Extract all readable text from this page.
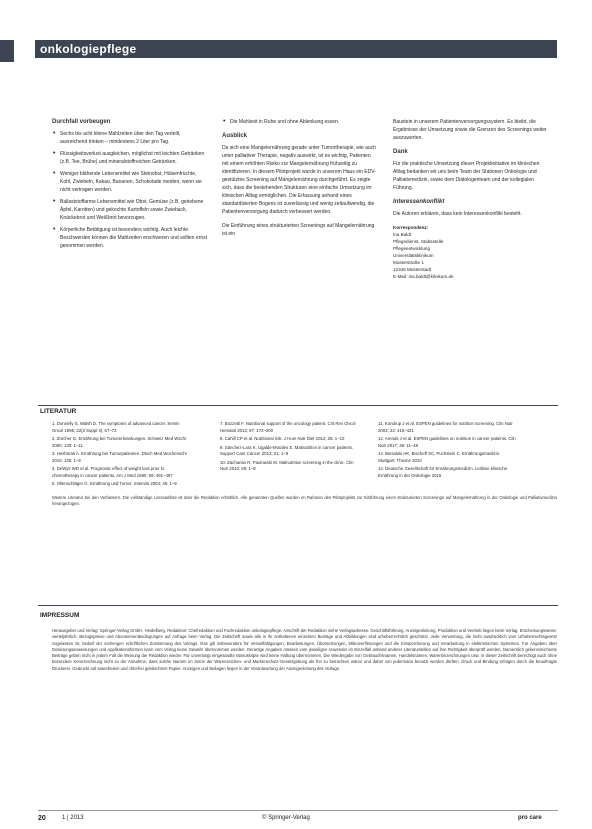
onkologiepflege
Durchfall vorbeugen
• Sechs bis acht kleine Mahlzeiten über den Tag verteilt, ausreichend trinken – mindestens 2 Liter pro Tag.
• Flüssigkeitsverlust ausgleichen, möglichst mit leichten Getränken (z.B. Tee, Brühe) und mineralstoffreichen Getränken.
• Weniger blähende Lebensmittel wie Steinobst, Hülsenfrüchte, Kohl, Zwiebeln, Kakao, Bananen, Schokolade meiden, wenn sie nicht vertragen werden.
• Ballaststoffarme Lebensmittel wie Obst, Gemüse (z.B. geriebene Äpfel, Karotten) und gekochte Kartoffeln sowie Zwieback, Knäckebrot und Weißbrot bevorzugen.
• Körperliche Betätigung ist besonders wichtig. Auch leichte Beschwerden können die Mahlzeiten erschweren und sollten ernst genommen werden.
• Die Mahlzeit in Ruhe und ohne Ablenkung essen.
Ausblick

Da sich eine Mangelernährung gerade unter Tumortherapie, wie auch unter palliativer Therapie, negativ auswirkt, ist es wichtig, Patienten mit einem erhöhten Risiko zur Mangelernährung frühzeitig zu identifizieren. In diesem Pilotprojekt wurde in unserem Haus ein EDV-gestütztes Screening auf Mangelernährung durchgeführt. Es zeigte sich, dass die bestehenden Strukturen eine einfache Umsetzung im klinischen Alltag ermöglichen. Die Erfassung anhand eines standardisierten Bogens ist zuverlässig und wenig zeitaufwendig, die Patientenversorgung dadurch verbessert werden.

Die Einführung eines strukturierten Screenings auf Mangelernährung ist ein

Baustein in unserem Patientenversorgungssystem. Es bleibt, die Ergebnisse der Umsetzung sowie die Grenzen des Screenings weiter auszuwerten.

Dank

Für die praktische Umsetzung dieser Projektinitiative im klinischen Alltag bedanken wir uns beim Team der Stationen Onkologie und Palliativmedizin, sowie dem Diätologenteam und der kollegialen Führung.

Interessenkonflikt

Die Autoren erklären, dass kein Interessenkonflikt besteht.

Korrespondenz:
Ina Baldt
Pflegedienst, Stabsstelle
Pflegeentwicklung
Universitätsklinikum
Musterstraße 1
12345 Musterstadt
E-Mail: ina.baldt@klinikum.de
LITERATUR
1. Donnelly S, Walsh D. The symptoms of advanced cancer. Semin Oncol 1995; 22(2 Suppl 3): 67–72
2. Zürcher G. Ernährung bei Tumorerkrankungen. Schweiz Med Wschr 2000; 130: 1–11
3. Heshmati A. Ernährung bei Tumorpatienten. Dtsch Med Wochenschr 2010; 135: 1–9
4. DeWys WD et al. Prognostic effect of weight loss prior to chemotherapy in cancer patients. Am J Med 1980; 69: 491–497
5. Ollenschläger G. Ernährung und Tumor. Internist 2004; 45: 1–9
7. Bozzetti F. Nutritional support of the oncology patient. Crit Rev Oncol Hematol 2013; 87: 172–200
8. Cahill CP et al. Nutritional risk. J Hum Nutr Diet 2012; 25: 1–10
9. Sánchez-Lara K, Ugalde-Morales E. Malnutrition in cancer patients. Support Care Cancer 2013; 21: 1–9
10. Zacharias R, Paulowski M. Malnutrition screening in the clinic. Clin Nutr 2010; 29: 1–8
11. Kondrup J et al. ESPEN guidelines for nutrition screening. Clin Nutr 2003; 22: 415–421
12. Arends J et al. ESPEN guidelines on nutrition in cancer patients. Clin Nutr 2017; 36: 11–48
13. Biesalski HK, Bischoff SC, Puchstein C. Ernährungsmedizin. Stuttgart: Thieme 2010
14. Deutsche Gesellschaft für Ernährungsmedizin. Leitlinie klinische Ernährung in der Onkologie 2015
Weitere Literatur bei den Verfassern. Die vollständige Literaturliste ist über die Redaktion erhältlich. Alle genannten Quellen wurden im Rahmen des Pilotprojekts zur Einführung eines strukturierten Screenings auf Mangelernährung in der Onkologie und Palliativmedizin herangezogen.
IMPRESSUM
Herausgeber und Verlag: Springer-Verlag GmbH, Heidelberg. Redaktion: Chefredaktion und Fachredaktion onkologiepflege. Anschrift der Redaktion siehe Verlagsadresse. Geschäftsführung, Anzeigenleitung, Produktion und Vertrieb liegen beim Verlag. Erscheinungsweise: vierteljährlich. Bezugspreise und Abonnementbedingungen auf Anfrage beim Verlag. Die Zeitschrift sowie alle in ihr enthaltenen einzelnen Beiträge und Abbildungen sind urheberrechtlich geschützt. Jede Verwertung, die nicht ausdrücklich vom Urheberrechtsgesetz zugelassen ist, bedarf der vorherigen schriftlichen Zustimmung des Verlags. Das gilt insbesondere für Vervielfältigungen, Bearbeitungen, Übersetzungen, Mikroverfilmungen und die Einspeicherung und Verarbeitung in elektronischen Systemen. Für Angaben über Dosierungsanweisungen und Applikationsformen kann vom Verlag keine Gewähr übernommen werden. Derartige Angaben müssen vom jeweiligen Anwender im Einzelfall anhand anderer Literaturstellen auf ihre Richtigkeit überprüft werden. Namentlich gekennzeichnete Beiträge geben nicht in jedem Fall die Meinung der Redaktion wieder. Für unverlangt eingesandte Manuskripte wird keine Haftung übernommen. Die Wiedergabe von Gebrauchsnamen, Handelsnamen, Warenbezeichnungen usw. in dieser Zeitschrift berechtigt auch ohne besondere Kennzeichnung nicht zu der Annahme, dass solche Namen im Sinne der Warenzeichen- und Markenschutz-Gesetzgebung als frei zu betrachten wären und daher von jedermann benutzt werden dürften. Druck und Bindung erfolgen durch die beauftragte Druckerei. Gedruckt auf säurefreiem und chlorfrei gebleichtem Papier. Anzeigen und Beilagen liegen in der Verantwortung der Anzeigenleitung des Verlags.
20	1 | 2013	© Springer-Verlag	pro care
